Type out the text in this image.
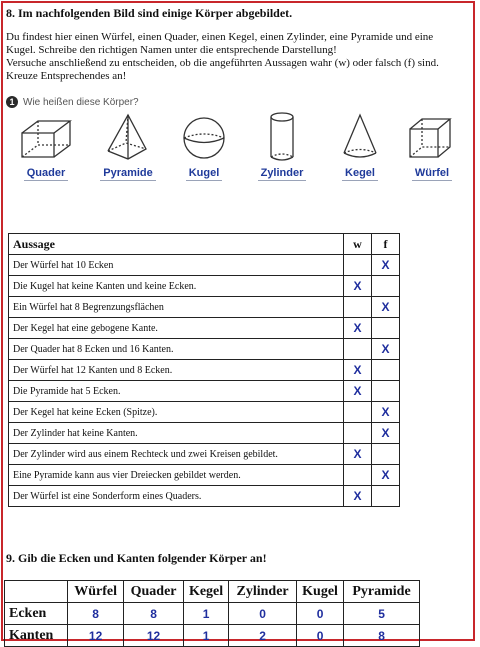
8. Im nachfolgenden Bild sind einige Körper abgebildet.
Du findest hier einen Würfel, einen Quader, einen Kegel, einen Zylinder, eine Pyramide und eine
Kugel. Schreibe den richtigen Namen unter die entsprechende Darstellung!
Versuche anschließend zu entscheiden, ob die angeführten Aussagen wahr (w) oder falsch (f) sind.
Kreuze Entsprechendes an!
1 Wie heißen diese Körper?
Quader	Pyramide	Kugel	Zylinder	Kegel	Würfel
Aussage	w	f
Der Würfel hat 10 Ecken		X
Die Kugel hat keine Kanten und keine Ecken.	X	
Ein Würfel hat 8 Begrenzungsflächen		X
Der Kegel hat eine gebogene Kante.	X	
Der Quader hat 8 Ecken und 16 Kanten.		X
Der Würfel hat 12 Kanten und 8 Ecken.	X	
Die Pyramide hat 5 Ecken.	X	
Der Kegel hat keine Ecken (Spitze).		X
Der Zylinder hat keine Kanten.		X
Der Zylinder wird aus einem Rechteck und zwei Kreisen gebildet.	X	
Eine Pyramide kann aus vier Dreiecken gebildet werden.		X
Der Würfel ist eine Sonderform eines Quaders.	X	
9. Gib die Ecken und Kanten folgender Körper an!
	Würfel	Quader	Kegel	Zylinder	Kugel	Pyramide
Ecken	8	8	1	0	0	5
Kanten	12	12	1	2	0	8
